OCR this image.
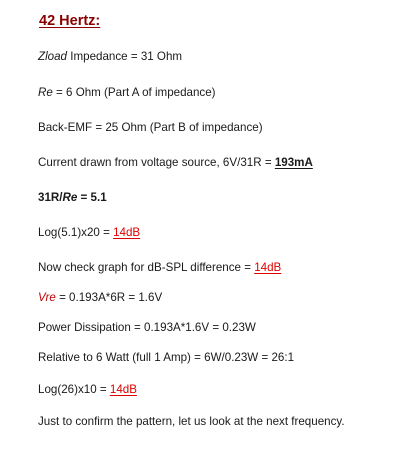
42 Hertz:
Zload Impedance = 31 Ohm
Re = 6 Ohm (Part A of impedance)
Back-EMF = 25 Ohm (Part B of impedance)
Current drawn from voltage source, 6V/31R = 193mA
31R/Re = 5.1
Log(5.1)x20 = 14dB
Now check graph for dB-SPL difference = 14dB
Vre = 0.193A*6R = 1.6V
Power Dissipation = 0.193A*1.6V = 0.23W
Relative to 6 Watt (full 1 Amp) = 6W/0.23W = 26:1
Log(26)x10 = 14dB
Just to confirm the pattern, let us look at the next frequency.
